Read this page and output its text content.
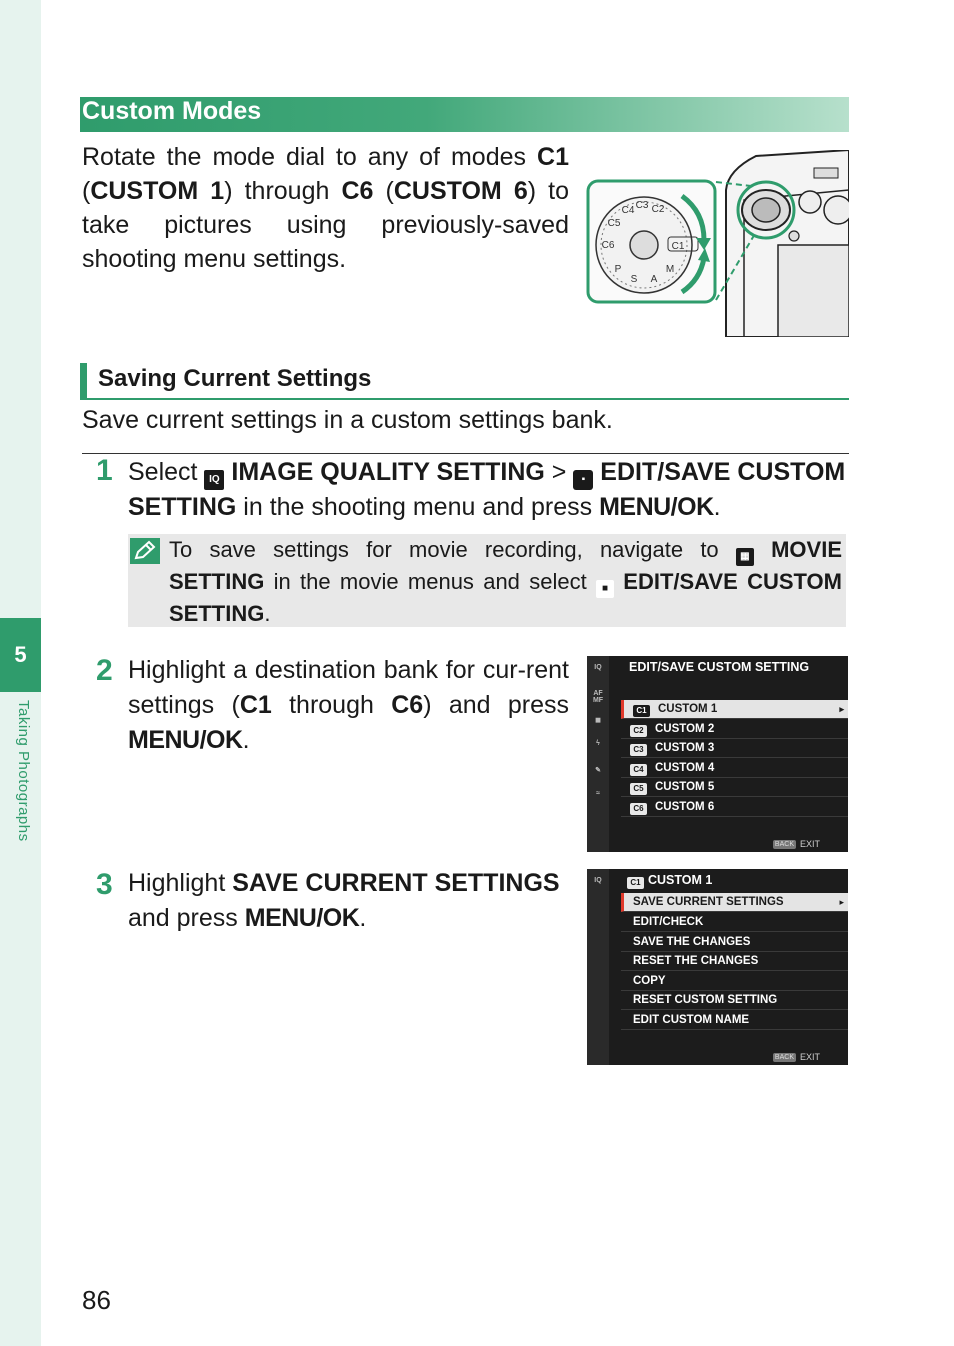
5
Taking Photographs
Custom Modes

Rotate the mode dial to any of modes C1 (CUSTOM 1) through C6 (CUSTOM 6) to take pictures using previously-saved shooting menu settings.	C6
C5
C4 C3 C2
C1
M
A
S
P
Saving Current Settings

Save current settings in a custom settings bank.

1 Select IQ IMAGE QUALITY SETTING > ▪ EDIT/SAVE CUSTOM SETTING in the shooting menu and press MENU/OK.

To save settings for movie recording, navigate to ▦ MOVIE SETTING in the movie menus and select ■ EDIT/SAVE CUSTOM SETTING.

2 Highlight a destination bank for cur-rent settings (C1 through C6) and press MENU/OK.

IQ
AF MF
◼
ϟ
✎
≈
EDIT/SAVE CUSTOM SETTING
C1 CUSTOM 1	▸
C2 CUSTOM 2
C3 CUSTOM 3
C4 CUSTOM 4
C5 CUSTOM 5
C6 CUSTOM 6
BACK EXIT
3 Highlight SAVE CURRENT SETTINGS and press MENU/OK.

IQ	C1 CUSTOM 1
SAVE CURRENT SETTINGS
EDIT/CHECK
SAVE THE CHANGES
RESET THE CHANGES
COPY
RESET CUSTOM SETTING
EDIT CUSTOM NAME
▸
BACK EXIT
86
